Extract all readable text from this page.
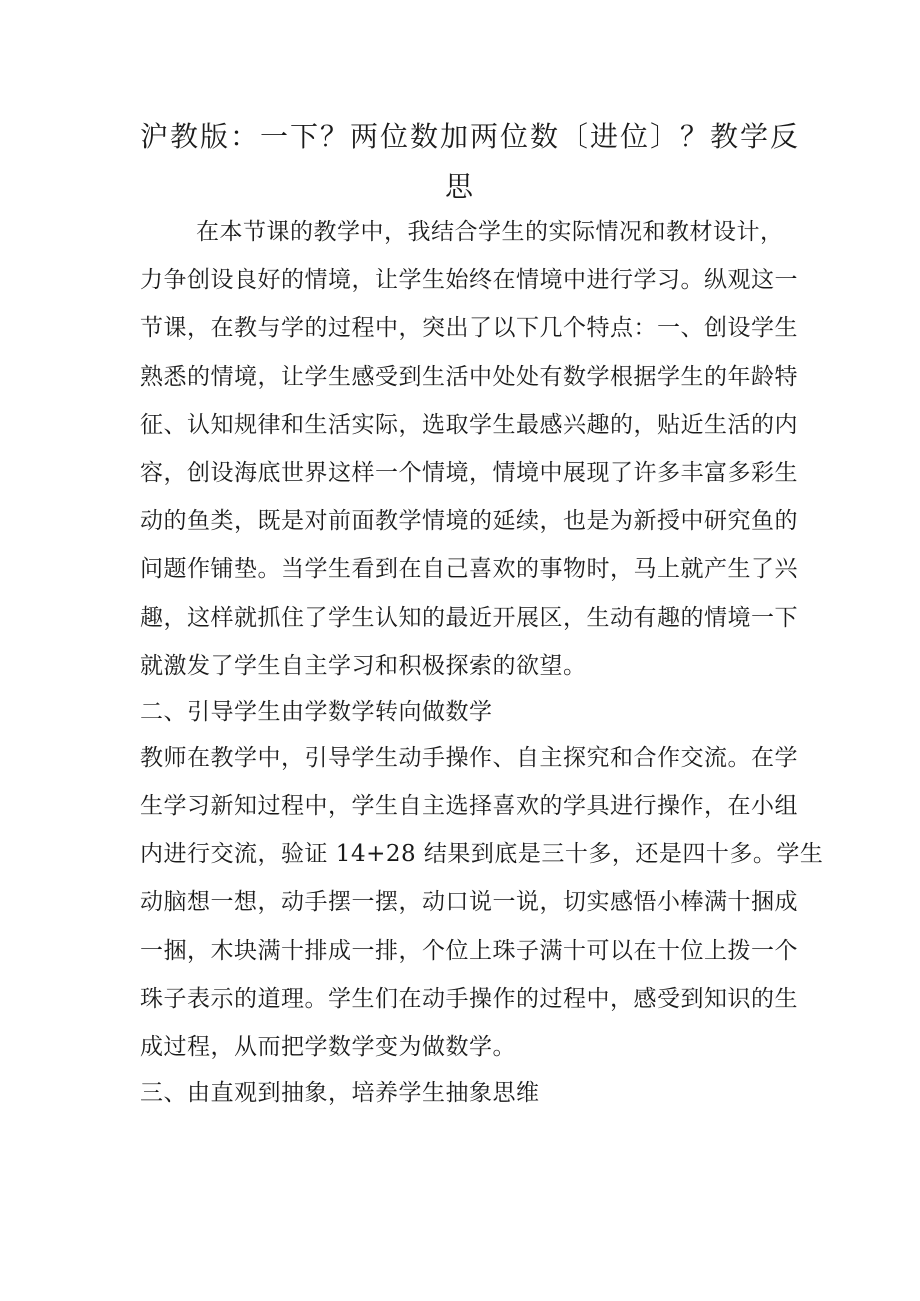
沪教版：一下？两位数加两位数〔进位〕？教学反
思
在本节课的教学中，我结合学生的实际情况和教材设计，
力争创设良好的情境，让学生始终在情境中进行学习。纵观这一
节课，在教与学的过程中，突出了以下几个特点：一、创设学生
熟悉的情境，让学生感受到生活中处处有数学根据学生的年龄特
征、认知规律和生活实际，选取学生最感兴趣的，贴近生活的内
容，创设海底世界这样一个情境，情境中展现了许多丰富多彩生
动的鱼类，既是对前面教学情境的延续，也是为新授中研究鱼的
问题作铺垫。当学生看到在自己喜欢的事物时，马上就产生了兴
趣，这样就抓住了学生认知的最近开展区，生动有趣的情境一下
就激发了学生自主学习和积极探索的欲望。
二、引导学生由学数学转向做数学
教师在教学中，引导学生动手操作、自主探究和合作交流。在学
生学习新知过程中，学生自主选择喜欢的学具进行操作，在小组
内进行交流，验证 14+28 结果到底是三十多，还是四十多。学生
动脑想一想，动手摆一摆，动口说一说，切实感悟小棒满十捆成
一捆，木块满十排成一排，个位上珠子满十可以在十位上拨一个
珠子表示的道理。学生们在动手操作的过程中，感受到知识的生
成过程，从而把学数学变为做数学。
三、由直观到抽象，培养学生抽象思维
